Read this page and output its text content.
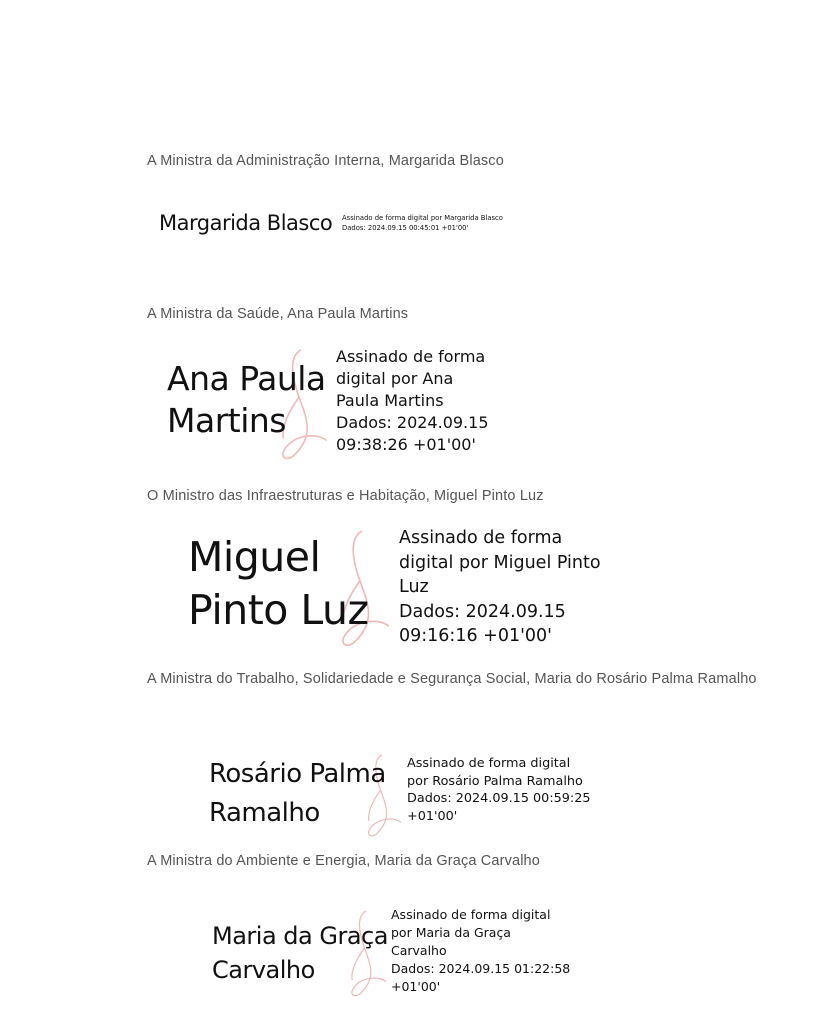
A Ministra da Administração Interna, Margarida Blasco
Margarida Blasco Assinado de forma digital por Margarida Blasco
Dados: 2024.09.15 00:45:01 +01'00'
A Ministra da Saúde, Ana Paula Martins
Ana Paula
Martins
Assinado de forma
digital por Ana
Paula Martins
Dados: 2024.09.15
09:38:26 +01'00'
O Ministro das Infraestruturas e Habitação, Miguel Pinto Luz
Miguel
Pinto Luz
Assinado de forma
digital por Miguel Pinto
Luz
Dados: 2024.09.15
09:16:16 +01'00'
A Ministra do Trabalho, Solidariedade e Segurança Social, Maria do Rosário Palma Ramalho
Rosário Palma
Ramalho
Assinado de forma digital
por Rosário Palma Ramalho
Dados: 2024.09.15 00:59:25
+01'00'
A Ministra do Ambiente e Energia, Maria da Graça Carvalho
Maria da Graça
Carvalho
Assinado de forma digital
por Maria da Graça
Carvalho
Dados: 2024.09.15 01:22:58
+01'00'
